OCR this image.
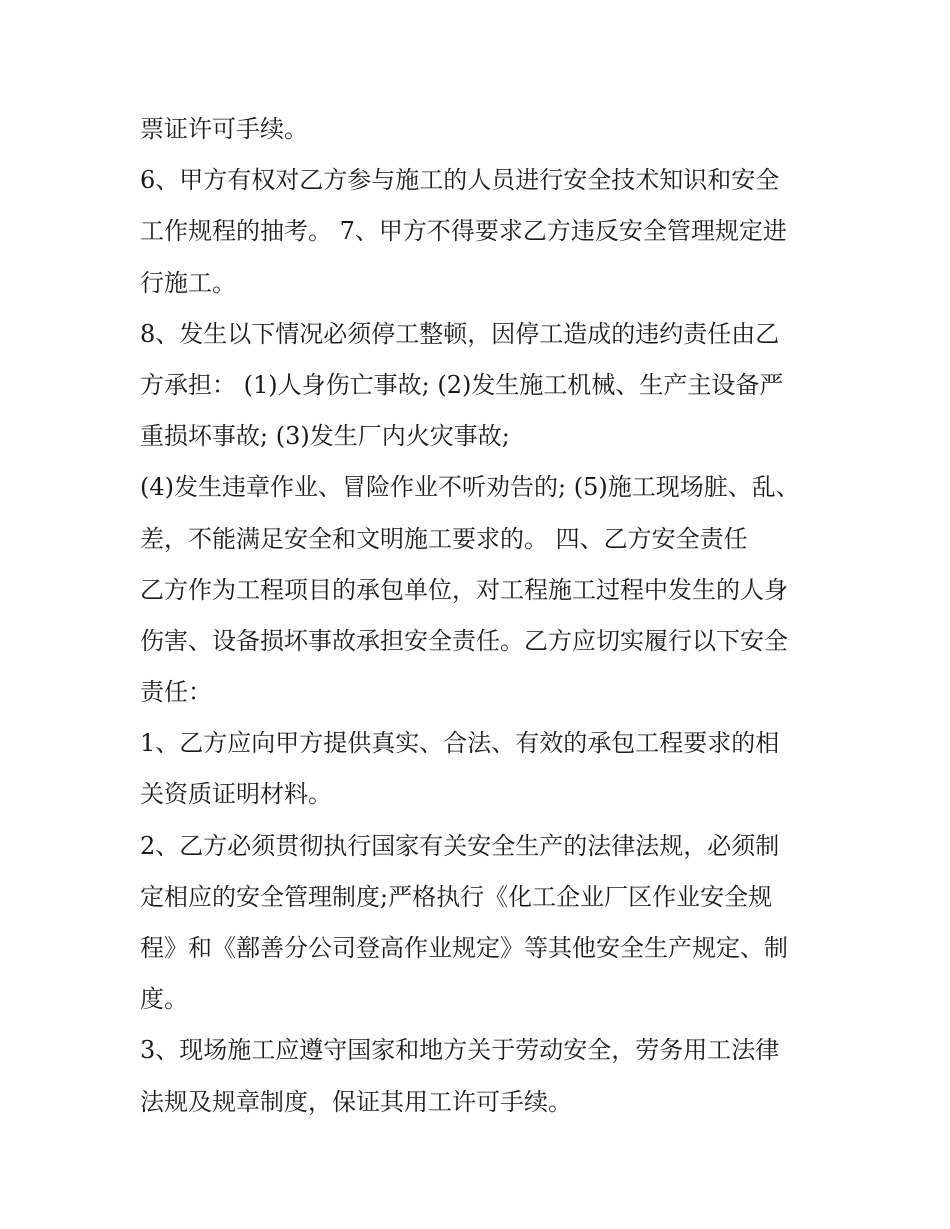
票证许可手续。
6、甲方有权对乙方参与施工的人员进行安全技术知识和安全
工作规程的抽考。 7、甲方不得要求乙方违反安全管理规定进
行施工。
8、发生以下情况必须停工整顿，因停工造成的违约责任由乙
方承担： (1)人身伤亡事故; (2)发生施工机械、生产主设备严
重损坏事故; (3)发生厂内火灾事故;
(4)发生违章作业、冒险作业不听劝告的; (5)施工现场脏、乱、
差，不能满足安全和文明施工要求的。 四、乙方安全责任
乙方作为工程项目的承包单位，对工程施工过程中发生的人身
伤害、设备损坏事故承担安全责任。乙方应切实履行以下安全
责任：
1、乙方应向甲方提供真实、合法、有效的承包工程要求的相
关资质证明材料。
2、乙方必须贯彻执行国家有关安全生产的法律法规，必须制
定相应的安全管理制度;严格执行《化工企业厂区作业安全规
程》和《鄯善分公司登高作业规定》等其他安全生产规定、制
度。
3、现场施工应遵守国家和地方关于劳动安全，劳务用工法律
法规及规章制度，保证其用工许可手续。
